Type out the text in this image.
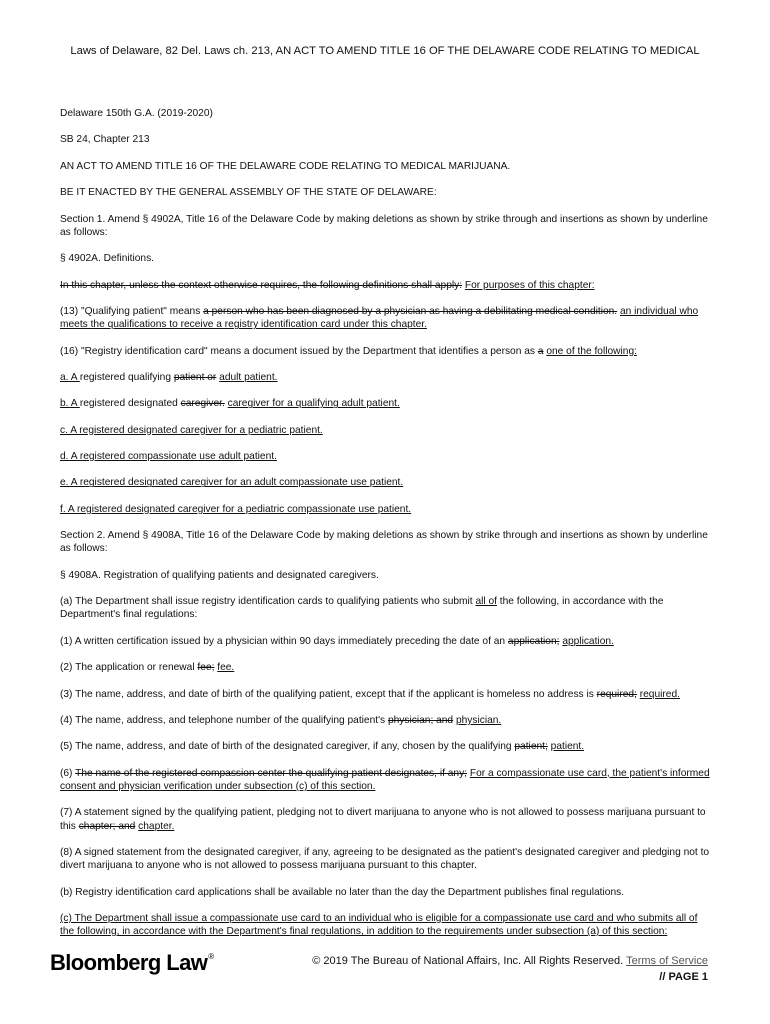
Laws of Delaware, 82 Del. Laws ch. 213, AN ACT TO AMEND TITLE 16 OF THE DELAWARE CODE RELATING TO MEDICAL

Delaware 150th G.A. (2019-2020)

SB 24, Chapter 213

AN ACT TO AMEND TITLE 16 OF THE DELAWARE CODE RELATING TO MEDICAL MARIJUANA.

BE IT ENACTED BY THE GENERAL ASSEMBLY OF THE STATE OF DELAWARE:

Section 1. Amend § 4902A, Title 16 of the Delaware Code by making deletions as shown by strike through and insertions as shown by underline as follows:

§ 4902A. Definitions.

In this chapter, unless the context otherwise requires, the following definitions shall apply: For purposes of this chapter:

(13) "Qualifying patient" means a person who has been diagnosed by a physician as having a debilitating medical condition. an individual who meets the qualifications to receive a registry identification card under this chapter.

(16) "Registry identification card" means a document issued by the Department that identifies a person as a one of the following:

a. A registered qualifying patient or adult patient.

b. A registered designated caregiver. caregiver for a qualifying adult patient.

c. A registered designated caregiver for a pediatric patient.

d. A registered compassionate use adult patient.

e. A registered designated caregiver for an adult compassionate use patient.

f. A registered designated caregiver for a pediatric compassionate use patient.

Section 2. Amend § 4908A, Title 16 of the Delaware Code by making deletions as shown by strike through and insertions as shown by underline as follows:

§ 4908A. Registration of qualifying patients and designated caregivers.

(a) The Department shall issue registry identification cards to qualifying patients who submit all of the following, in accordance with the Department's final regulations:

(1) A written certification issued by a physician within 90 days immediately preceding the date of an application; application.

(2) The application or renewal fee; fee.

(3) The name, address, and date of birth of the qualifying patient, except that if the applicant is homeless no address is required; required.

(4) The name, address, and telephone number of the qualifying patient's physician; and physician.

(5) The name, address, and date of birth of the designated caregiver, if any, chosen by the qualifying patient; patient.

(6) The name of the registered compassion center the qualifying patient designates, if any; For a compassionate use card, the patient's informed consent and physician verification under subsection (c) of this section.

(7) A statement signed by the qualifying patient, pledging not to divert marijuana to anyone who is not allowed to possess marijuana pursuant to this chapter; and chapter.

(8) A signed statement from the designated caregiver, if any, agreeing to be designated as the patient's designated caregiver and pledging not to divert marijuana to anyone who is not allowed to possess marijuana pursuant to this chapter.

(b) Registry identification card applications shall be available no later than the day the Department publishes final regulations.

(c) The Department shall issue a compassionate use card to an individual who is eligible for a compassionate use card and who submits all of the following, in accordance with the Department's final regulations, in addition to the requirements under subsection (a) of this section:

Bloomberg Law®	© 2019 The Bureau of National Affairs, Inc. All Rights Reserved. Terms of Service
// PAGE 1
